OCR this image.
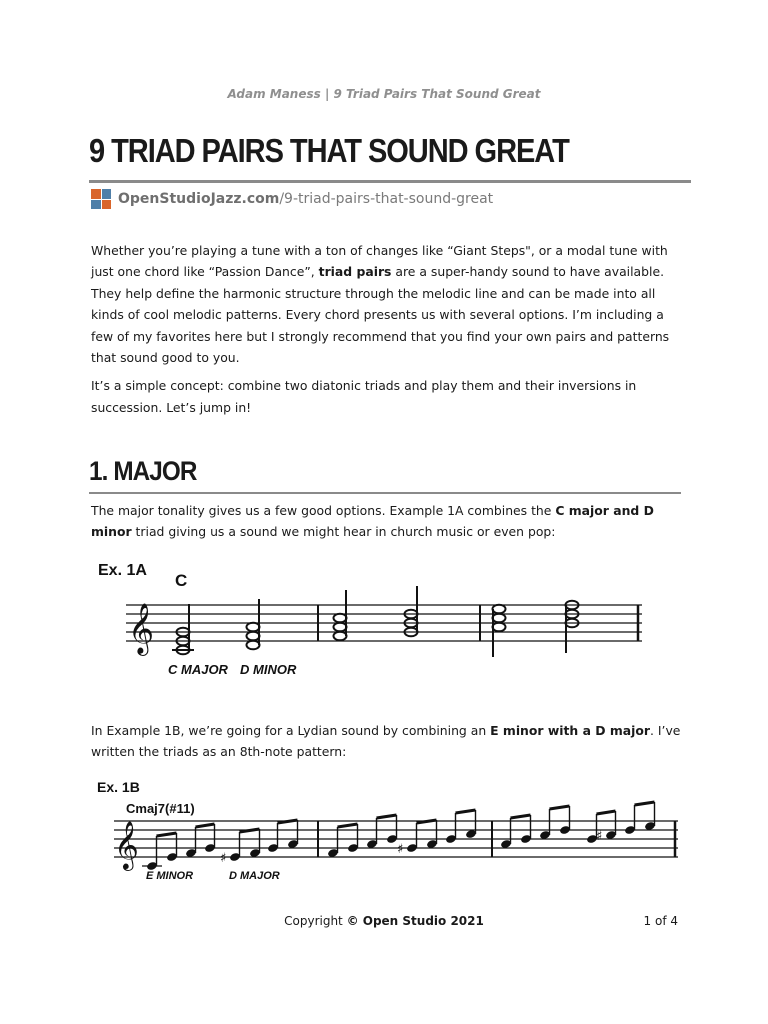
Adam Maness | 9 Triad Pairs That Sound Great
9 TRIAD PAIRS THAT SOUND GREAT
OpenStudioJazz.com/9-triad-pairs-that-sound-great

Whether you’re playing a tune with a ton of changes like “Giant Steps", or a modal tune with just one chord like “Passion Dance”, triad pairs are a super-handy sound to have available. They help define the harmonic structure through the melodic line and can be made into all kinds of cool melodic patterns. Every chord presents us with several options. I’m including a few of my favorites here but I strongly recommend that you find your own pairs and patterns that sound good to you.

It’s a simple concept: combine two diatonic triads and play them and their inversions in succession. Let’s jump in!

1. MAJOR

The major tonality gives us a few good options. Example 1A combines the C major and D minor triad giving us a sound we might hear in church music or even pop:

𝄞
Ex. 1A
C
C MAJOR D MINOR

In Example 1B, we’re going for a Lydian sound by combining an E minor with a D major. I’ve written the triads as an 8th-note pattern:

𝄞
Ex. 1B
Cmaj7(#11)
♯
♯
♯
E MINOR	D MAJOR
Copyright © Open Studio 2021	1 of 4
